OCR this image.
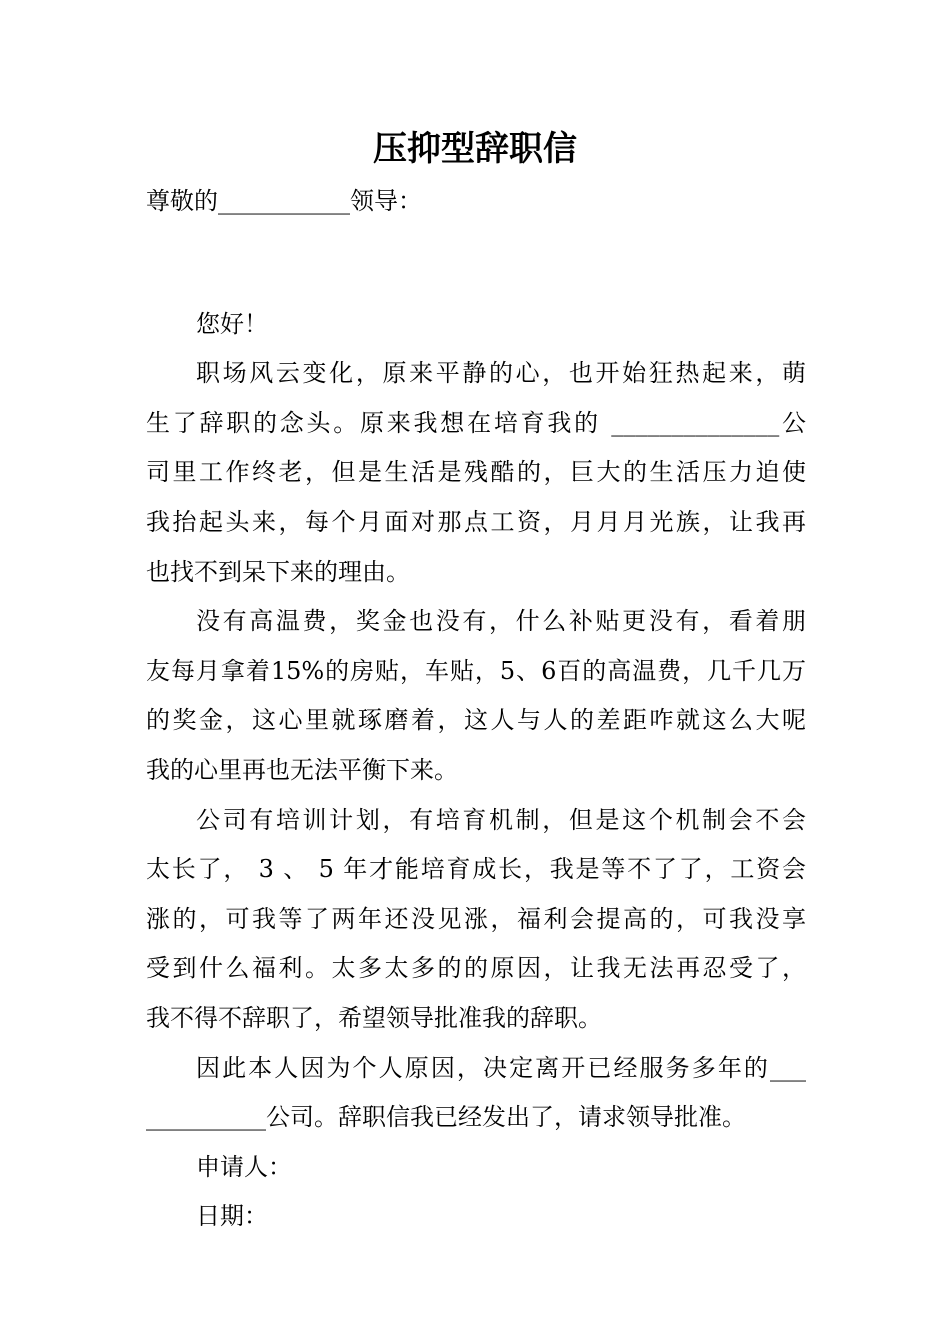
压抑型辞职信
尊敬的___________领导：
您好！
职场风云变化，原来平静的心，也开始狂热起来，萌
生了辞职的念头。原来我想在培育我的 ______________公
司里工作终老，但是生活是残酷的，巨大的生活压力迫使
我抬起头来，每个月面对那点工资，月月月光族，让我再
也找不到呆下来的理由。
没有高温费，奖金也没有，什么补贴更没有，看着朋
友每月拿着15%的房贴，车贴，5、6百的高温费，几千几万
的奖金，这心里就琢磨着，这人与人的差距咋就这么大呢
我的心里再也无法平衡下来。
公司有培训计划，有培育机制，但是这个机制会不会
太长了， 3 、 5 年才能培育成长，我是等不了了，工资会
涨的，可我等了两年还没见涨，福利会提高的，可我没享
受到什么福利。太多太多的的原因，让我无法再忍受了，
我不得不辞职了，希望领导批准我的辞职。
因此本人因为个人原因，决定离开已经服务多年的___
__________公司。辞职信我已经发出了，请求领导批准。
申请人：
日期：
